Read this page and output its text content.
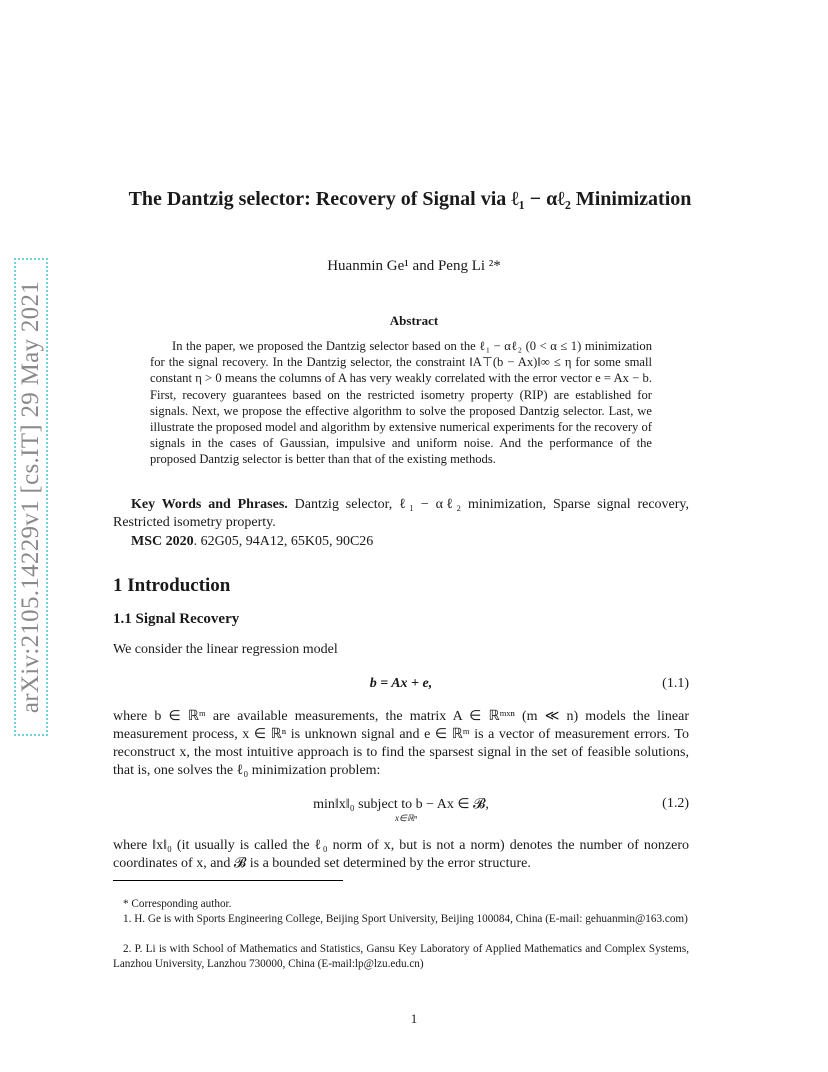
arXiv:2105.14229v1 [cs.IT] 29 May 2021
The Dantzig selector: Recovery of Signal via ℓ₁ − αℓ₂ Minimization
Huanmin Ge¹ and Peng Li ²*
Abstract
In the paper, we proposed the Dantzig selector based on the ℓ₁ − αℓ₂ (0 < α ≤ 1) minimization for the signal recovery. In the Dantzig selector, the constraint ‖A⊤(b − Ax)‖∞ ≤ η for some small constant η > 0 means the columns of A has very weakly correlated with the error vector e = Ax − b. First, recovery guarantees based on the restricted isometry property (RIP) are established for signals. Next, we propose the effective algorithm to solve the proposed Dantzig selector. Last, we illustrate the proposed model and algorithm by extensive numerical experiments for the recovery of signals in the cases of Gaussian, impulsive and uniform noise. And the performance of the proposed Dantzig selector is better than that of the existing methods.
Key Words and Phrases. Dantzig selector, ℓ₁ − αℓ₂ minimization, Sparse signal recovery, Restricted isometry property.
MSC 2020. 62G05, 94A12, 65K05, 90C26
1 Introduction
1.1 Signal Recovery
We consider the linear regression model
b = Ax + e,	(1.1)
where b ∈ ℝᵐ are available measurements, the matrix A ∈ ℝᵐˣⁿ (m ≪ n) models the linear measurement process, x ∈ ℝⁿ is unknown signal and e ∈ ℝᵐ is a vector of measurement errors. To reconstruct x, the most intuitive approach is to find the sparsest signal in the set of feasible solutions, that is, one solves the ℓ₀ minimization problem:
min‖x‖₀ subject to b − Ax ∈ 𝓑,
x∈ℝⁿ
(1.2)
where ‖x‖₀ (it usually is called the ℓ₀ norm of x, but is not a norm) denotes the number of nonzero coordinates of x, and 𝓑 is a bounded set determined by the error structure.
* Corresponding author.
1. H. Ge is with Sports Engineering College, Beijing Sport University, Beijing 100084, China (E-mail: gehuanmin@163.com)
2. P. Li is with School of Mathematics and Statistics, Gansu Key Laboratory of Applied Mathematics and Complex Systems, Lanzhou University, Lanzhou 730000, China (E-mail:lp@lzu.edu.cn)
1
